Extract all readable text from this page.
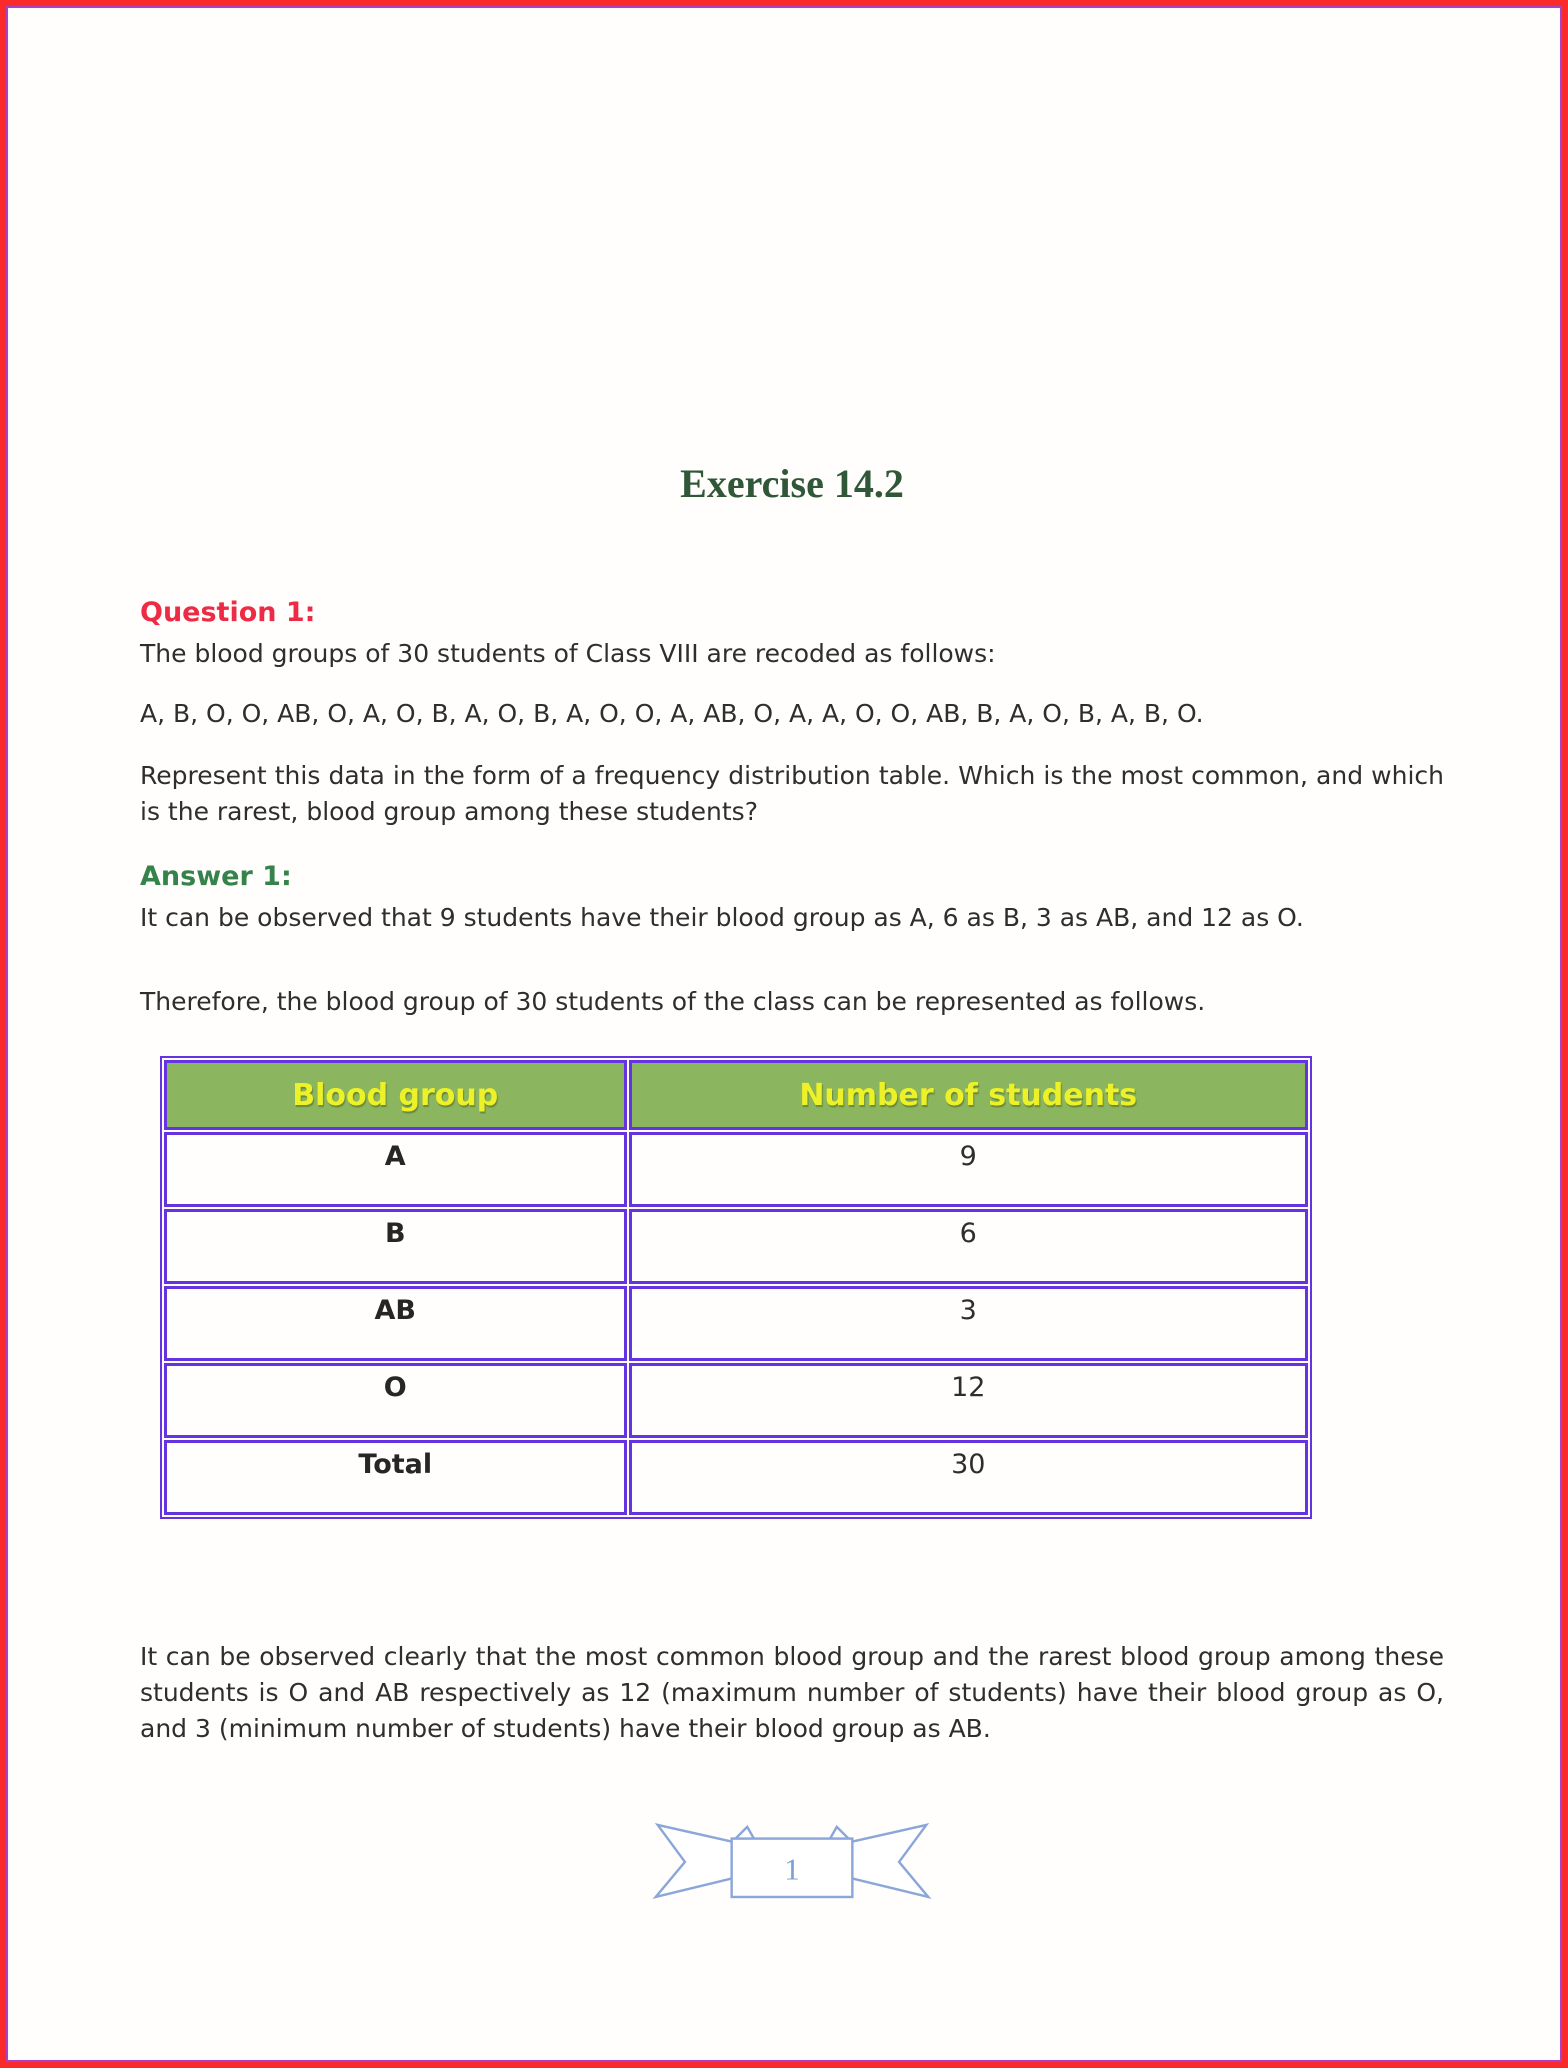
Exercise 14.2
Question 1:
The blood groups of 30 students of Class VIII are recoded as follows:
A, B, O, O, AB, O, A, O, B, A, O, B, A, O, O, A, AB, O, A, A, O, O, AB, B, A, O, B, A, B, O.
Represent this data in the form of a frequency distribution table. Which is the most common, and which is the rarest, blood group among these students?
Answer 1:
It can be observed that 9 students have their blood group as A, 6 as B, 3 as AB, and 12 as O.
Therefore, the blood group of 30 students of the class can be represented as follows.
Blood group	Number of students
A	9
B	6
AB	3
O	12
Total	30
It can be observed clearly that the most common blood group and the rarest blood group among these students is O and AB respectively as 12 (maximum number of students) have their blood group as O, and 3 (minimum number of students) have their blood group as AB.
1
